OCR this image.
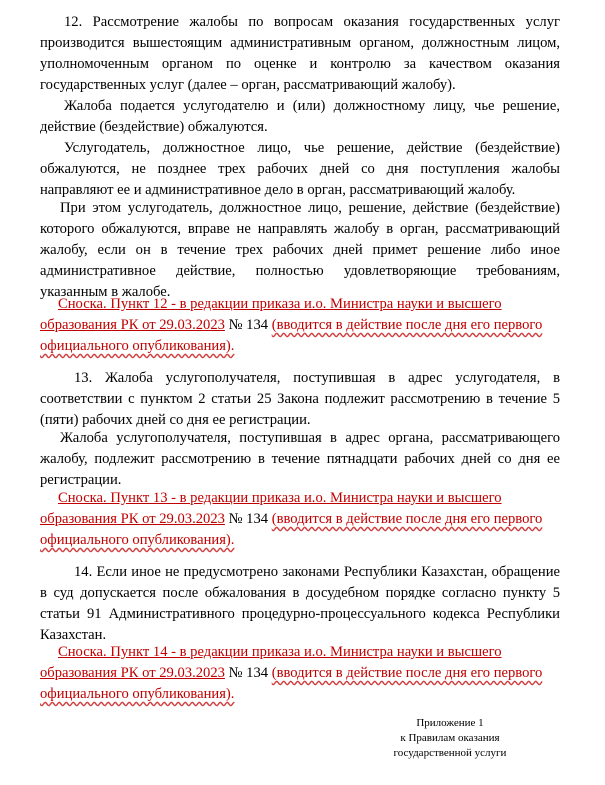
12. Рассмотрение жалобы по вопросам оказания государственных услуг производится вышестоящим административным органом, должностным лицом, уполномоченным органом по оценке и контролю за качеством оказания государственных услуг (далее – орган, рассматривающий жалобу).
Жалоба подается услугодателю и (или) должностному лицу, чье решение, действие (бездействие) обжалуются.
Услугодатель, должностное лицо, чье решение, действие (бездействие) обжалуются, не позднее трех рабочих дней со дня поступления жалобы направляют ее и административное дело в орган, рассматривающий жалобу.
При этом услугодатель, должностное лицо, решение, действие (бездействие) которого обжалуются, вправе не направлять жалобу в орган, рассматривающий жалобу, если он в течение трех рабочих дней примет решение либо иное административное действие, полностью удовлетворяющие требованиям, указанным в жалобе.
Сноска. Пункт 12 - в редакции приказа и.о. Министра науки и высшего образования РК от 29.03.2023 № 134 (вводится в действие после дня его первого официального опубликования).
13. Жалоба услугополучателя, поступившая в адрес услугодателя, в соответствии с пунктом 2 статьи 25 Закона подлежит рассмотрению в течение 5 (пяти) рабочих дней со дня ее регистрации.
Жалоба услугополучателя, поступившая в адрес органа, рассматривающего жалобу, подлежит рассмотрению в течение пятнадцати рабочих дней со дня ее регистрации.
Сноска. Пункт 13 - в редакции приказа и.о. Министра науки и высшего образования РК от 29.03.2023 № 134 (вводится в действие после дня его первого официального опубликования).
14. Если иное не предусмотрено законами Республики Казахстан, обращение в суд допускается после обжалования в досудебном порядке согласно пункту 5 статьи 91 Административного процедурно-процессуального кодекса Республики Казахстан.
Сноска. Пункт 14 - в редакции приказа и.о. Министра науки и высшего образования РК от 29.03.2023 № 134 (вводится в действие после дня его первого официального опубликования).
Приложение 1
к Правилам оказания
государственной услуги
